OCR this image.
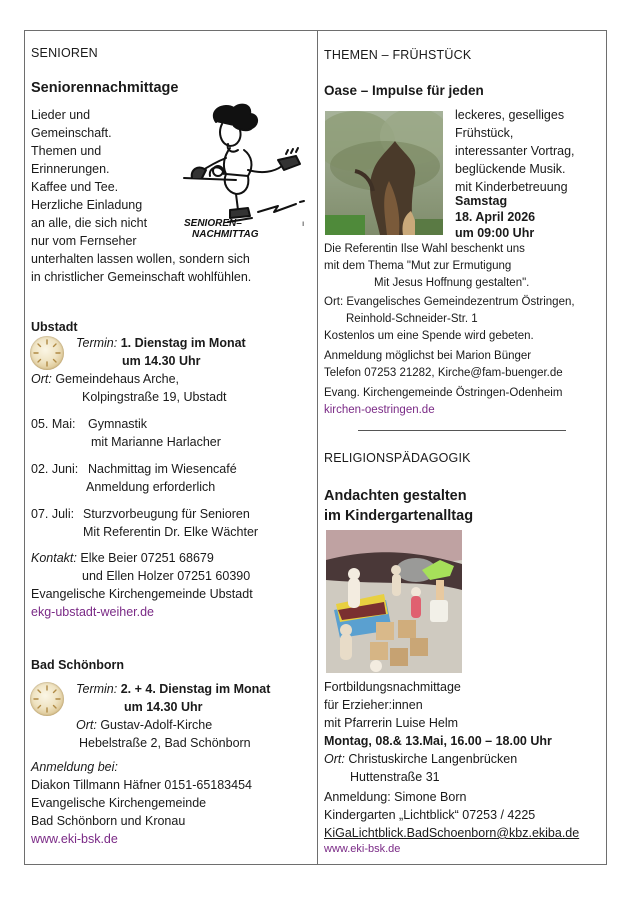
SENIOREN
Seniorennachmittage
Lieder und
Gemeinschaft.
Themen und
Erinnerungen.
Kaffee und Tee.
Herzliche Einladung
an alle, die sich nicht
nur vom Fernseher
unterhalten lassen wollen, sondern sich
in christlicher Gemeinschaft wohlfühlen.
SENIOREN–
NACHMITTAG
ı
Ubstadt
Termin: 1. Dienstag im Monat
um 14.30 Uhr
Ort: Gemeindehaus Arche,
Kolpingstraße 19, Ubstadt
05. Mai: Gymnastik
mit Marianne Harlacher
02. Juni: Nachmittag im Wiesencafé
Anmeldung erforderlich
07. Juli: Sturzvorbeugung für Senioren
Mit Referentin Dr. Elke Wächter
Kontakt: Elke Beier 07251 68679
und Ellen Holzer 07251 60390
Evangelische Kirchengemeinde Ubstadt
ekg-ubstadt-weiher.de
Bad Schönborn
Termin: 2. + 4. Dienstag im Monat
um 14.30 Uhr
Ort: Gustav-Adolf-Kirche
Hebelstraße 2, Bad Schönborn
Anmeldung bei:
Diakon Tillmann Häfner 0151-65183454
Evangelische Kirchengemeinde
Bad Schönborn und Kronau
www.eki-bsk.de
THEMEN – FRÜHSTÜCK
Oase – Impulse für jeden
leckeres, geselliges
Frühstück,
interessanter Vortrag,
beglückende Musik.
mit Kinderbetreuung
Samstag
18. April 2026
um 09:00 Uhr
Die Referentin Ilse Wahl beschenkt uns
mit dem Thema "Mut zur Ermutigung
Mit Jesus Hoffnung gestalten".
Ort: Evangelisches Gemeindezentrum Östringen,
Reinhold-Schneider-Str. 1
Kostenlos um eine Spende wird gebeten.
Anmeldung möglichst bei Marion Bünger
Telefon 07253 21282, Kirche@fam-buenger.de
Evang. Kirchengemeinde Östringen-Odenheim
kirchen-oestringen.de
RELIGIONSPÄDAGOGIK
Andachten gestalten
im Kindergartenalltag
Fortbildungsnachmittage
für Erzieher:innen
mit Pfarrerin Luise Helm
Montag, 08.& 13.Mai, 16.00 – 18.00 Uhr
Ort: Christuskirche Langenbrücken
Huttenstraße 31
Anmeldung: Simone Born
Kindergarten „Lichtblick“ 07253 / 4225
KiGaLichtblick.BadSchoenborn@kbz.ekiba.de
www.eki-bsk.de
